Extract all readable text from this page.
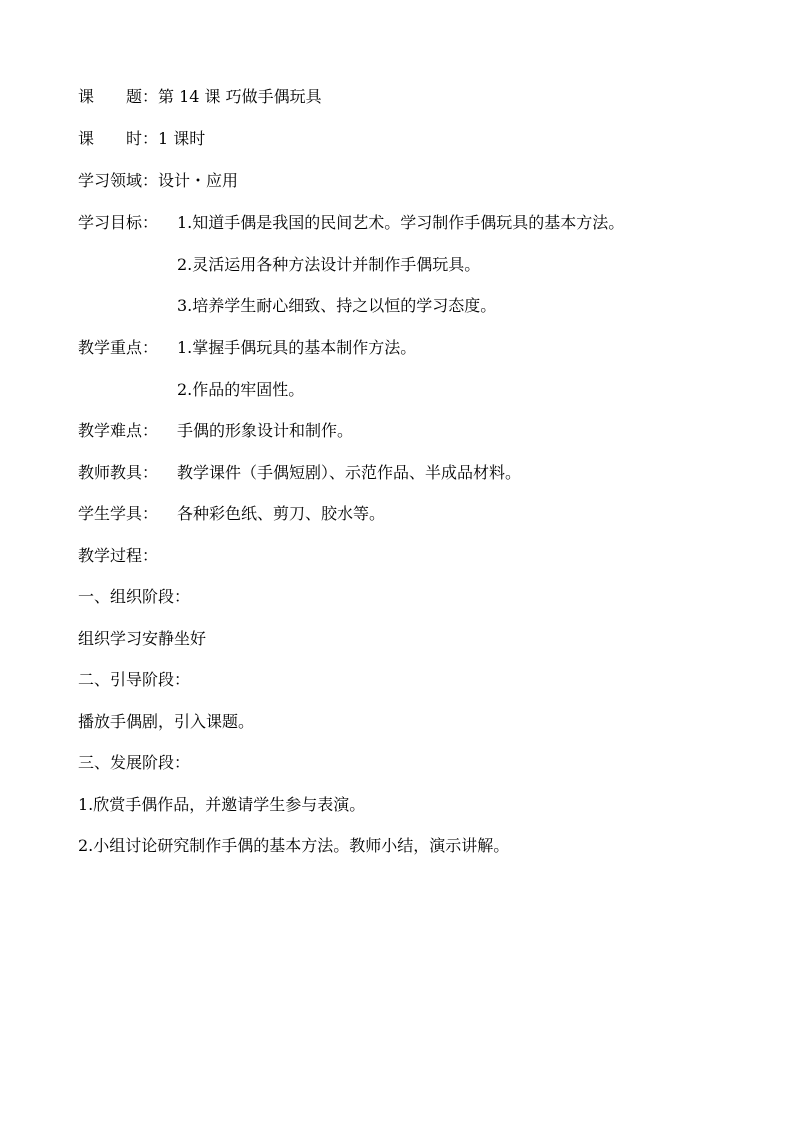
课　　题：第 14 课 巧做手偶玩具
课　　时：1 课时
学习领域：设计・应用
学习目标： 1.知道手偶是我国的民间艺术。学习制作手偶玩具的基本方法。
2.灵活运用各种方法设计并制作手偶玩具。
3.培养学生耐心细致、持之以恒的学习态度。
教学重点： 1.掌握手偶玩具的基本制作方法。
2.作品的牢固性。
教学难点： 手偶的形象设计和制作。
教师教具： 教学课件（手偶短剧）、示范作品、半成品材料。
学生学具： 各种彩色纸、剪刀、胶水等。
教学过程：
一、组织阶段：
组织学习安静坐好
二、引导阶段：
播放手偶剧，引入课题。
三、发展阶段：
1.欣赏手偶作品，并邀请学生参与表演。
2.小组讨论研究制作手偶的基本方法。教师小结，演示讲解。
